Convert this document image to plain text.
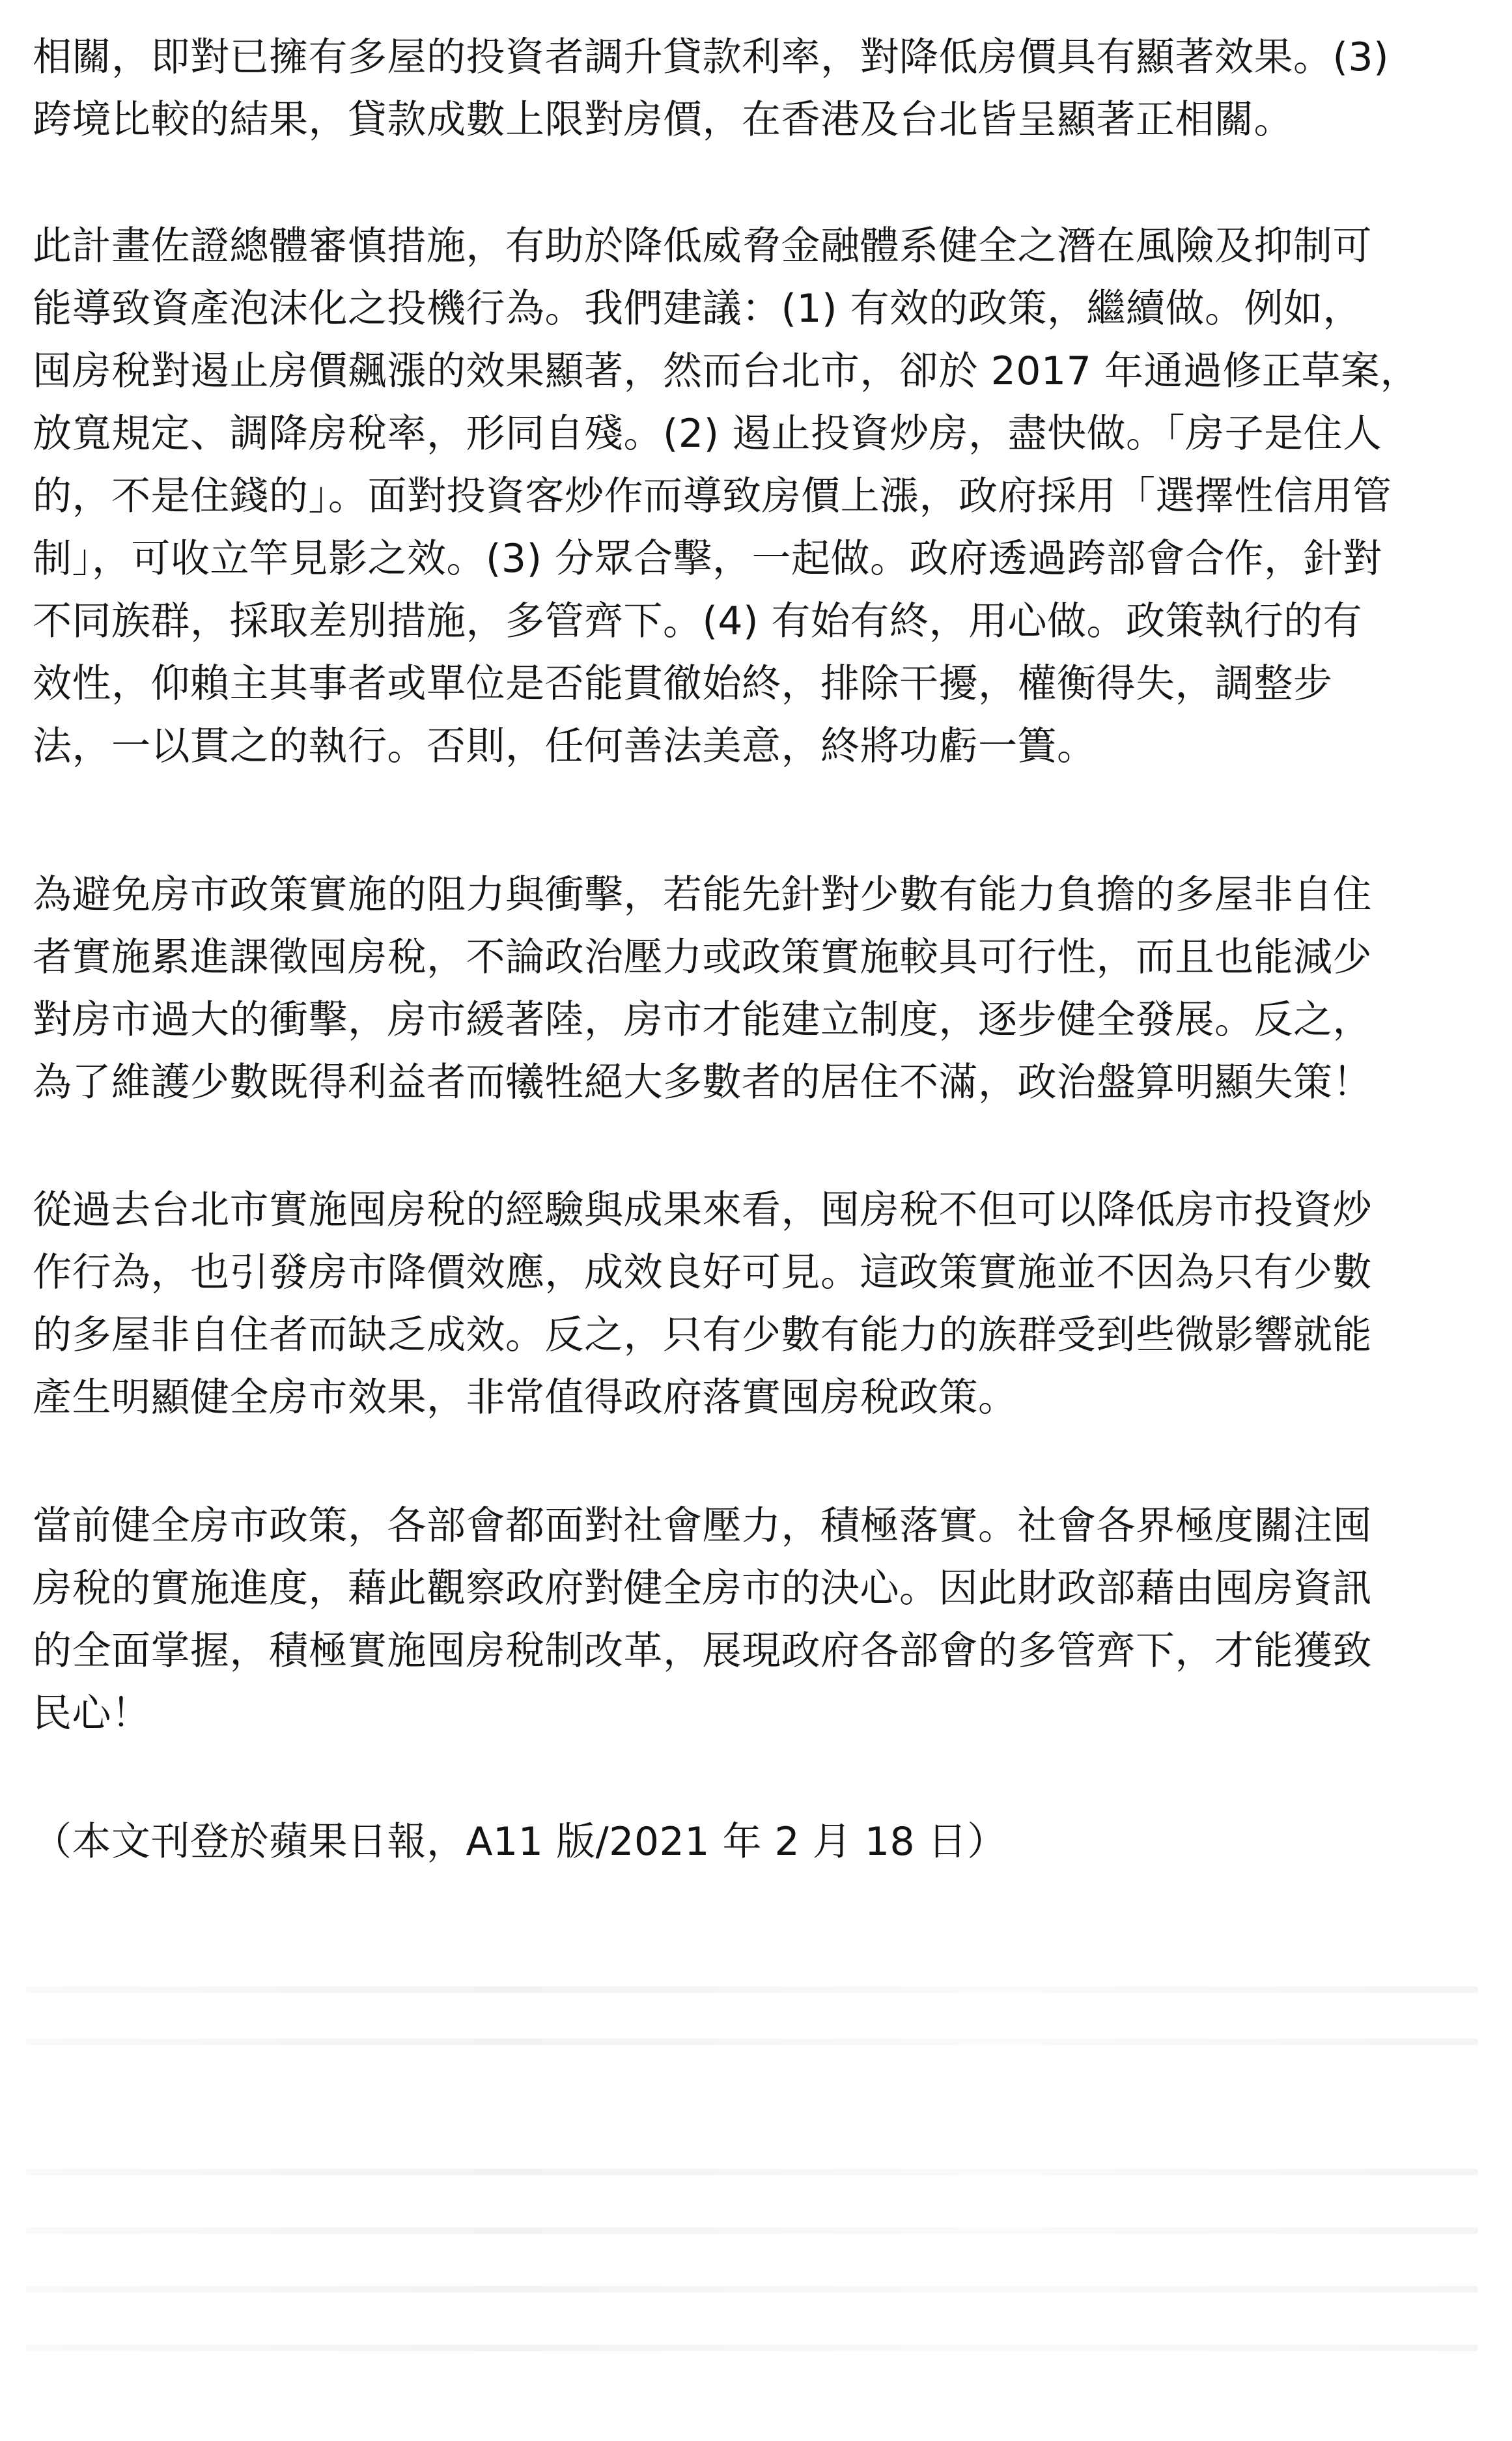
相關，即對已擁有多屋的投資者調升貸款利率，對降低房價具有顯著效果。(3)
跨境比較的結果，貸款成數上限對房價，在香港及台北皆呈顯著正相關。

此計畫佐證總體審慎措施，有助於降低威脅金融體系健全之潛在風險及抑制可
能導致資產泡沫化之投機行為。我們建議：(1) 有效的政策，繼續做。例如，
囤房稅對遏止房價飆漲的效果顯著，然而台北市，卻於 2017 年通過修正草案，
放寬規定、調降房稅率，形同自殘。(2) 遏止投資炒房，盡快做。「房子是住人
的，不是住錢的」。面對投資客炒作而導致房價上漲，政府採用「選擇性信用管
制」，可收立竿見影之效。(3) 分眾合擊，一起做。政府透過跨部會合作，針對
不同族群，採取差別措施，多管齊下。(4) 有始有終，用心做。政策執行的有
效性，仰賴主其事者或單位是否能貫徹始終，排除干擾，權衡得失，調整步
法，一以貫之的執行。否則，任何善法美意，終將功虧一簣。

為避免房市政策實施的阻力與衝擊，若能先針對少數有能力負擔的多屋非自住
者實施累進課徵囤房稅，不論政治壓力或政策實施較具可行性，而且也能減少
對房市過大的衝擊，房市緩著陸，房市才能建立制度，逐步健全發展。反之，
為了維護少數既得利益者而犧牲絕大多數者的居住不滿，政治盤算明顯失策！

從過去台北市實施囤房稅的經驗與成果來看，囤房稅不但可以降低房市投資炒
作行為，也引發房市降價效應，成效良好可見。這政策實施並不因為只有少數
的多屋非自住者而缺乏成效。反之，只有少數有能力的族群受到些微影響就能
產生明顯健全房市效果，非常值得政府落實囤房稅政策。

當前健全房市政策，各部會都面對社會壓力，積極落實。社會各界極度關注囤
房稅的實施進度，藉此觀察政府對健全房市的決心。因此財政部藉由囤房資訊
的全面掌握，積極實施囤房稅制改革，展現政府各部會的多管齊下，才能獲致
民心！

（本文刊登於蘋果日報，A11 版/2021 年 2 月 18 日）
